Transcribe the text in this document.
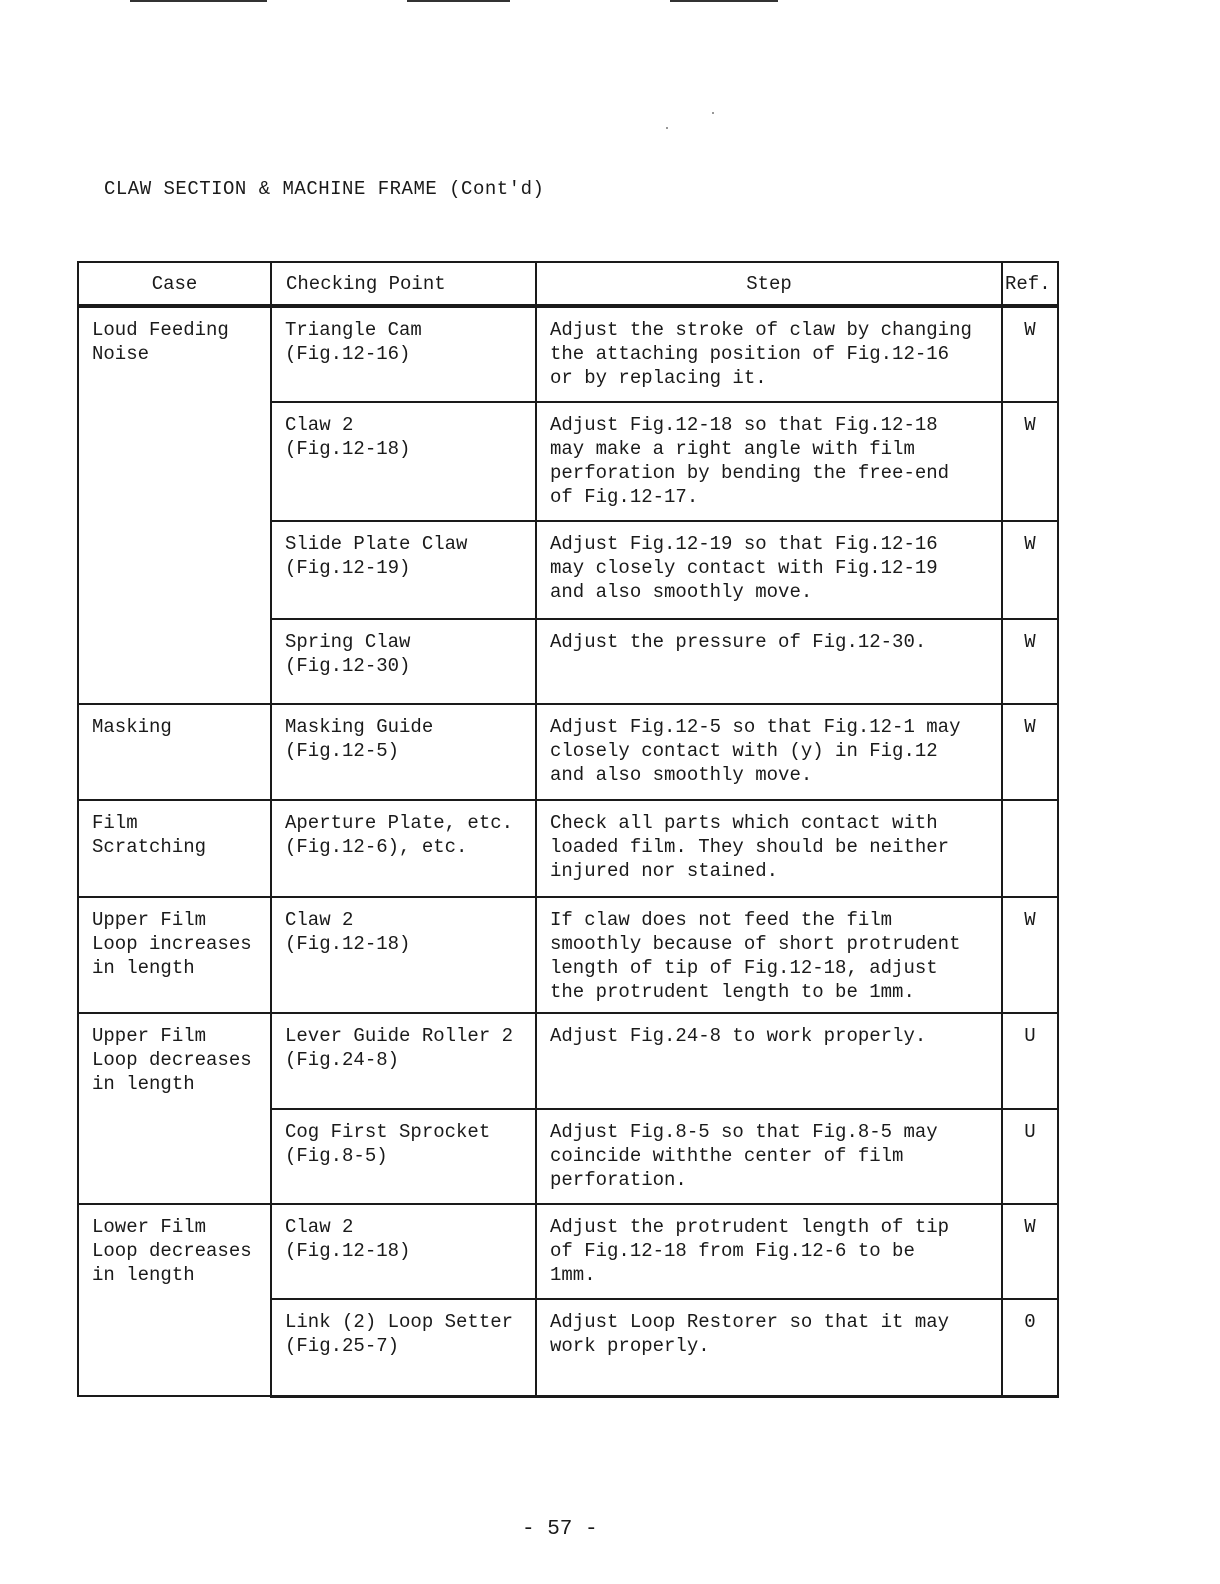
CLAW SECTION & MACHINE FRAME (Cont'd)
Case	Checking Point	Step	Ref.
Loud Feeding
Noise	Triangle Cam
(Fig.12-16)	Adjust the stroke of claw by changing
the attaching position of Fig.12-16
or by replacing it.	W
	Claw 2
(Fig.12-18)	Adjust Fig.12-18 so that Fig.12-18
may make a right angle with film
perforation by bending the free-end
of Fig.12-17.	W
	Slide Plate Claw
(Fig.12-19)	Adjust Fig.12-19 so that Fig.12-16
may closely contact with Fig.12-19
and also smoothly move.	W
	Spring Claw
(Fig.12-30)	Adjust the pressure of Fig.12-30.	W
Masking	Masking Guide
(Fig.12-5)	Adjust Fig.12-5 so that Fig.12-1 may
closely contact with (y) in Fig.12
and also smoothly move.	W
Film
Scratching	Aperture Plate, etc.
(Fig.12-6), etc.	Check all parts which contact with
loaded film. They should be neither
injured nor stained.	
Upper Film
Loop increases
in length	Claw 2
(Fig.12-18)	If claw does not feed the film
smoothly because of short protrudent
length of tip of Fig.12-18, adjust
the protrudent length to be 1mm.	W
Upper Film
Loop decreases
in length	Lever Guide Roller 2
(Fig.24-8)	Adjust Fig.24-8 to work properly.	U
	Cog First Sprocket
(Fig.8-5)	Adjust Fig.8-5 so that Fig.8-5 may
coincide withthe center of film
perforation.	U
Lower Film
Loop decreases
in length	Claw 2
(Fig.12-18)	Adjust the protrudent length of tip
of Fig.12-18 from Fig.12-6 to be
1mm.	W
	Link (2) Loop Setter
(Fig.25-7)	Adjust Loop Restorer so that it may
work properly.	0
- 57 -
